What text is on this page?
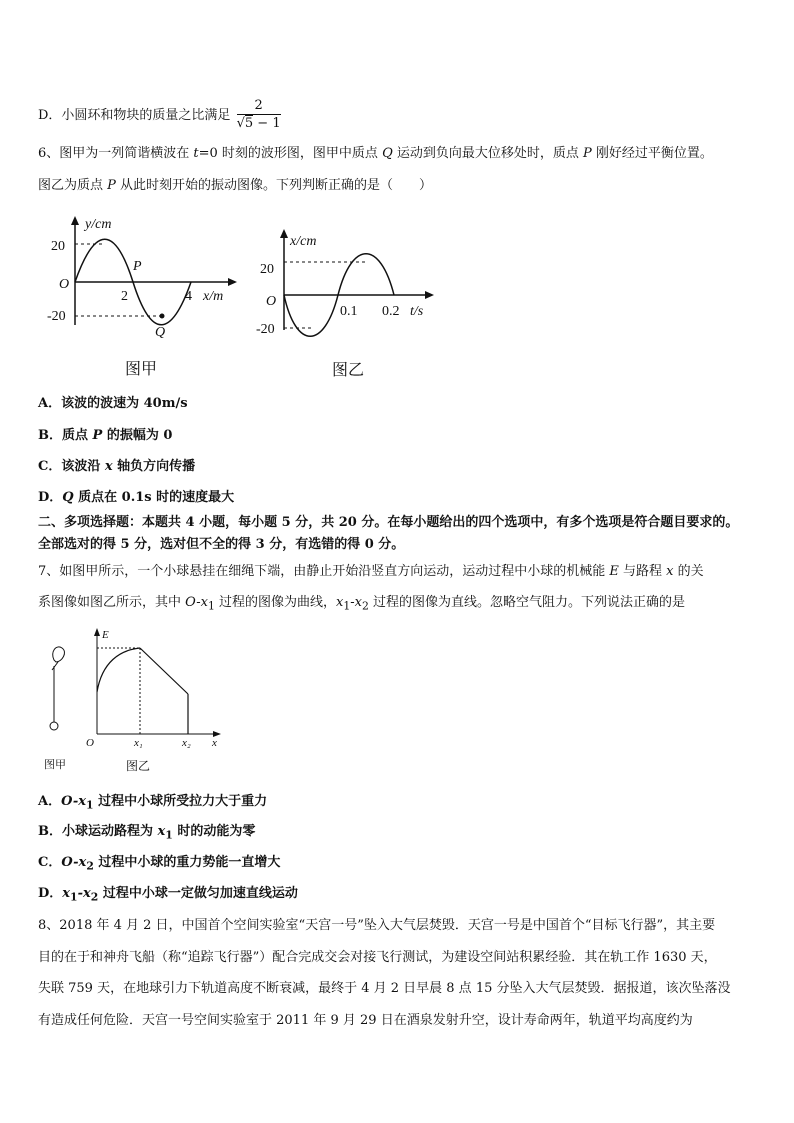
D．小圆环和物块的质量之比满足 $\frac{2}{√5 - 1}$
6、图甲为一列简谐横波在 t=0 时刻的波形图，图甲中质点 Q 运动到负向最大位移处时，质点 P 刚好经过平衡位置。
图乙为质点 P 从此时刻开始的振动图像。下列判断正确的是（　　）
y/cm
20
O
-20
P
2	4 x/m
Q
图甲
x/cm
20
O
-20
0.1 0.2 t/s
图乙
A．该波的波速为 40m/s
B．质点 P 的振幅为 0
C．该波沿 x 轴负方向传播
D．Q 质点在 0.1s 时的速度最大
二、多项选择题：本题共 4 小题，每小题 5 分，共 20 分。在每小题给出的四个选项中，有多个选项是符合题目要求的。
全部选对的得 5 分，选对但不全的得 3 分，有选错的得 0 分。
7、如图甲所示，一个小球悬挂在细绳下端，由静止开始沿竖直方向运动，运动过程中小球的机械能 E 与路程 x 的关
系图像如图乙所示，其中 $O-x_1$ 过程的图像为曲线，$x_1-x_2$ 过程的图像为直线。忽略空气阻力。下列说法正确的是
E
O	x₁	x₂ x
图甲	图乙
A．$O-x_1$ 过程中小球所受拉力大于重力
B．小球运动路程为 $x_1$ 时的动能为零
C．$O-x_2$ 过程中小球的重力势能一直增大
D．$x_1-x_2$ 过程中小球一定做匀加速直线运动
8、2018 年 4 月 2 日，中国首个空间实验室“天宫一号”坠入大气层焚毁．天宫一号是中国首个“目标飞行器”，其主要
目的在于和神舟飞船（称“追踪飞行器”）配合完成交会对接飞行测试，为建设空间站积累经验．其在轨工作 1630 天，
失联 759 天，在地球引力下轨道高度不断衰减，最终于 4 月 2 日早晨 8 点 15 分坠入大气层焚毁．据报道，该次坠落没
有造成任何危险．天宫一号空间实验室于 2011 年 9 月 29 日在酒泉发射升空，设计寿命两年，轨道平均高度约为
